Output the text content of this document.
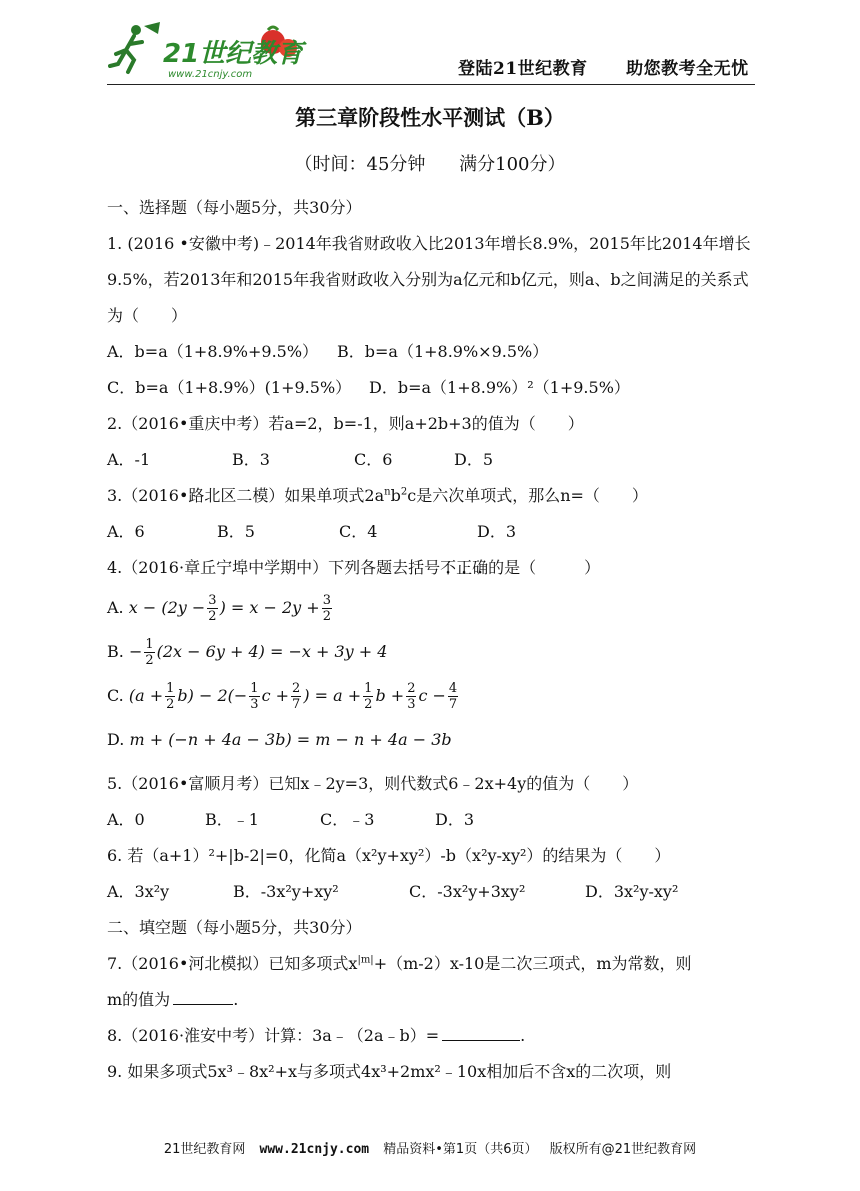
21世纪教育
www.21cnjy.com	登陆21世纪教育 助您教考全无忧
第三章阶段性水平测试（B）
（时间：45分钟 满分100分）
一、选择题（每小题5分，共30分）
1. (2016 •安徽中考)﹣2014年我省财政收入比2013年增长8.9%，2015年比2014年增长9.5%，若2013年和2015年我省财政收入分别为a亿元和b亿元，则a、b之间满足的关系式为（　　）
A．b=a（1+8.9%+9.5%）	B．b=a（1+8.9%×9.5%）
C．b=a（1+8.9%）(1+9.5%）	D．b=a（1+8.9%）²（1+9.5%）
2.（2016•重庆中考）若a=2，b=-1，则a+2b+3的值为（　　）
A．-1	B．3	C．6	D．5
3.（2016•路北区二模）如果单项式$2a^nb^2c$是六次单项式，那么n=（　　）
A．6	B．5	C．4	D．3
4.（2016·章丘宁埠中学期中）下列各题去括号不正确的是（　　　）
A. $x - (2y - \frac{3}{2}$ ) = $x - 2y + \frac{3}{2}$
B. − $\frac{1}{2} (2x - 6y + 4) = -x + 3y + 4$
C. $(a + \frac{1}{2} b) - 2(- \frac{1}{3}$ $c + \frac{2}{7}$ ) = $a + \frac{1}{2}$ $b + \frac{2}{3}$ $c - \frac{4}{7}$
D. m + (−n + 4a − 3b) = m − n + 4a − 3b
5.（2016•富顺月考）已知x﹣2y=3，则代数式6﹣2x+4y的值为（　　）
A．0	B．﹣1	C．﹣3	D．3
6. 若（a+1）²+|b-2|=0，化简a（x²y+xy²）-b（x²y-xy²）的结果为（　　）
A．3x²y	B．-3x²y+xy²	C．-3x²y+3xy²	D．3x²y-xy²
二、填空题（每小题5分，共30分）
7.（2016•河北模拟）已知多项式$x^{|m|}+(m-2)x-10$是二次三项式，m为常数，则
m的值为	.
8.（2016·淮安中考）计算：3a﹣（2a﹣b）=	.
9. 如果多项式5x³﹣8x²+x与多项式4x³+2mx²﹣10x相加后不含x的二次项，则
21世纪教育网 www.21cnjy.com 精品资料•第1页（共6页） 版权所有@21世纪教育网
